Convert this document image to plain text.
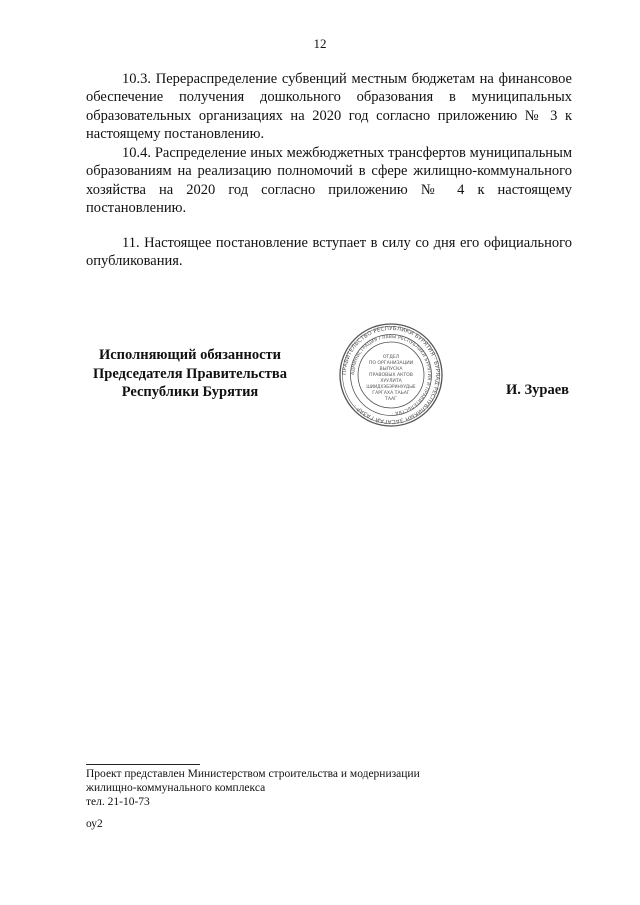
12

10.3. Перераспределение субвенций местным бюджетам на финансовое обеспечение получения дошкольного образования в муниципальных образовательных организациях на 2020 год согласно приложению № 3 к настоящему постановлению.

10.4. Распределение иных межбюджетных трансфертов муниципальным образованиям на реализацию полномочий в сфере жилищно-коммунального хозяйства на 2020 год согласно приложению № 4 к настоящему постановлению.

11. Настоящее постановление вступает в силу со дня его официального опубликования.

Исполняющий обязанности
Председателя Правительства
Республики Бурятия
ПРАВИТЕЛЬСТВО РЕСПУБЛИКИ БУРЯТИЯ · БУРЯАД РЕСПУБЛИКЫН ЗАСАГАЙ ГАЗАР ·
АДМИНИСТРАЦИЯ ГЛАВЫ РЕСПУБЛИКИ БУРЯТИЯ И ПРАВИТЕЛЬСТВА ·
ОТДЕЛ
ПО ОРГАНИЗАЦИИ
ВЫПУСКА
ПРАВОВЫХ АКТОВ
ХУУЛИТА
ШИИДХЭБЭРИНУУДЫЕ
ГАРГАХА ТАЬАГ
ТААГ
И. Зураев
Проект представлен Министерством строительства и модернизации
жилищно-коммунального комплекса
тел. 21-10-73
оу2
